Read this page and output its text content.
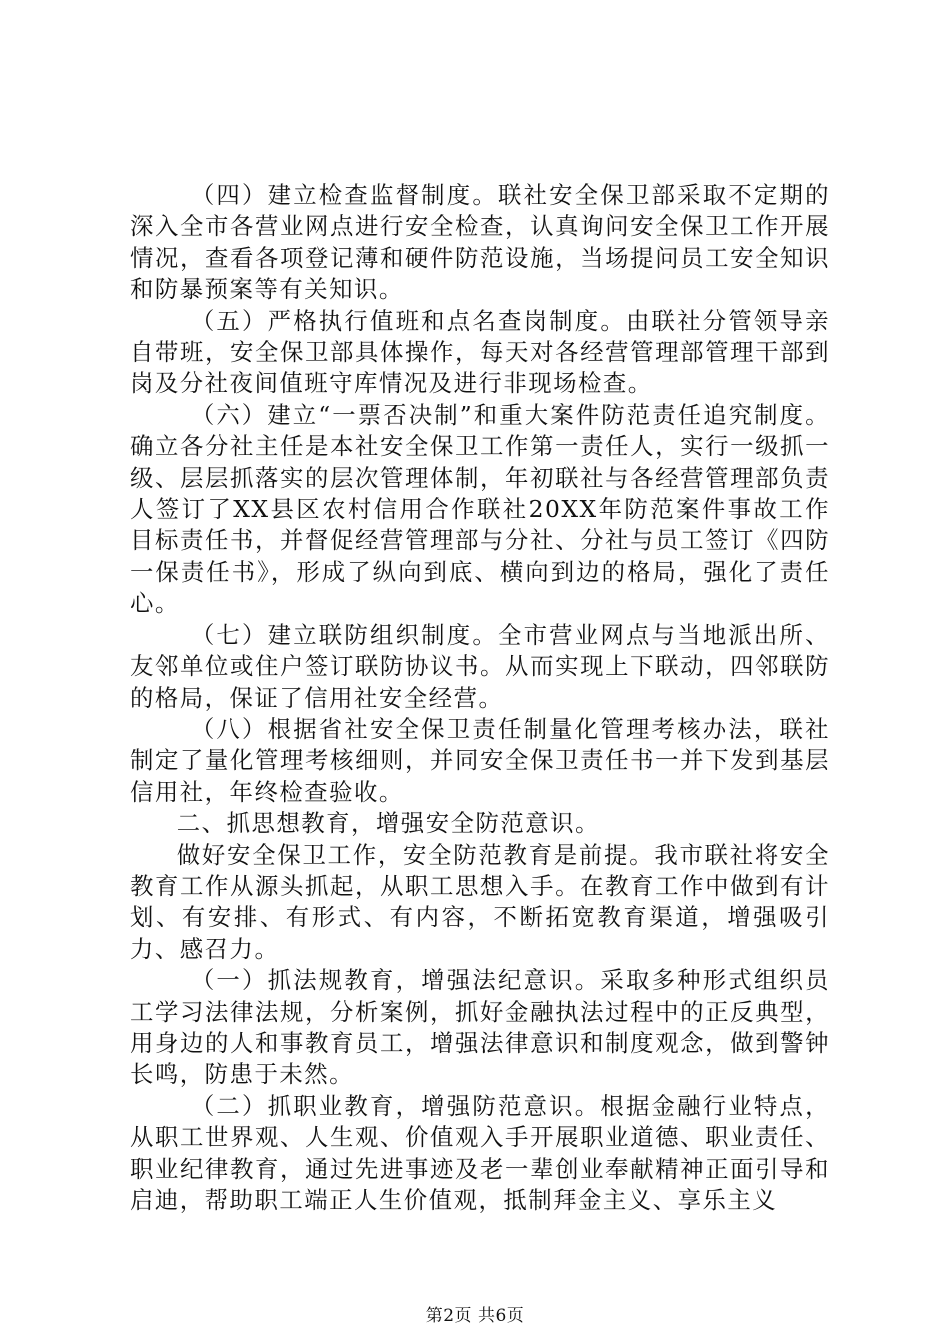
（四）建立检查监督制度。联社安全保卫部采取不定期的深入全市各营业网点进行安全检查，认真询问安全保卫工作开展情况，查看各项登记薄和硬件防范设施，当场提问员工安全知识和防暴预案等有关知识。

（五）严格执行值班和点名查岗制度。由联社分管领导亲自带班，安全保卫部具体操作，每天对各经营管理部管理干部到岗及分社夜间值班守库情况及进行非现场检查。

（六）建立“一票否决制”和重大案件防范责任追究制度。确立各分社主任是本社安全保卫工作第一责任人，实行一级抓一级、层层抓落实的层次管理体制，年初联社与各经营管理部负责人签订了XX县区农村信用合作联社20XX年防范案件事故工作目标责任书，并督促经营管理部与分社、分社与员工签订《四防一保责任书》，形成了纵向到底、横向到边的格局，强化了责任心。

（七）建立联防组织制度。全市营业网点与当地派出所、友邻单位或住户签订联防协议书。从而实现上下联动，四邻联防的格局，保证了信用社安全经营。

（八）根据省社安全保卫责任制量化管理考核办法，联社制定了量化管理考核细则，并同安全保卫责任书一并下发到基层信用社，年终检查验收。

二、抓思想教育，增强安全防范意识。

做好安全保卫工作，安全防范教育是前提。我市联社将安全教育工作从源头抓起，从职工思想入手。在教育工作中做到有计划、有安排、有形式、有内容，不断拓宽教育渠道，增强吸引力、感召力。

（一）抓法规教育，增强法纪意识。采取多种形式组织员工学习法律法规，分析案例，抓好金融执法过程中的正反典型，用身边的人和事教育员工，增强法律意识和制度观念，做到警钟长鸣，防患于未然。

（二）抓职业教育，增强防范意识。根据金融行业特点，从职工世界观、人生观、价值观入手开展职业道德、职业责任、职业纪律教育，通过先进事迹及老一辈创业奉献精神正面引导和启迪，帮助职工端正人生价值观，抵制拜金主义、享乐主义

第2页 共6页
